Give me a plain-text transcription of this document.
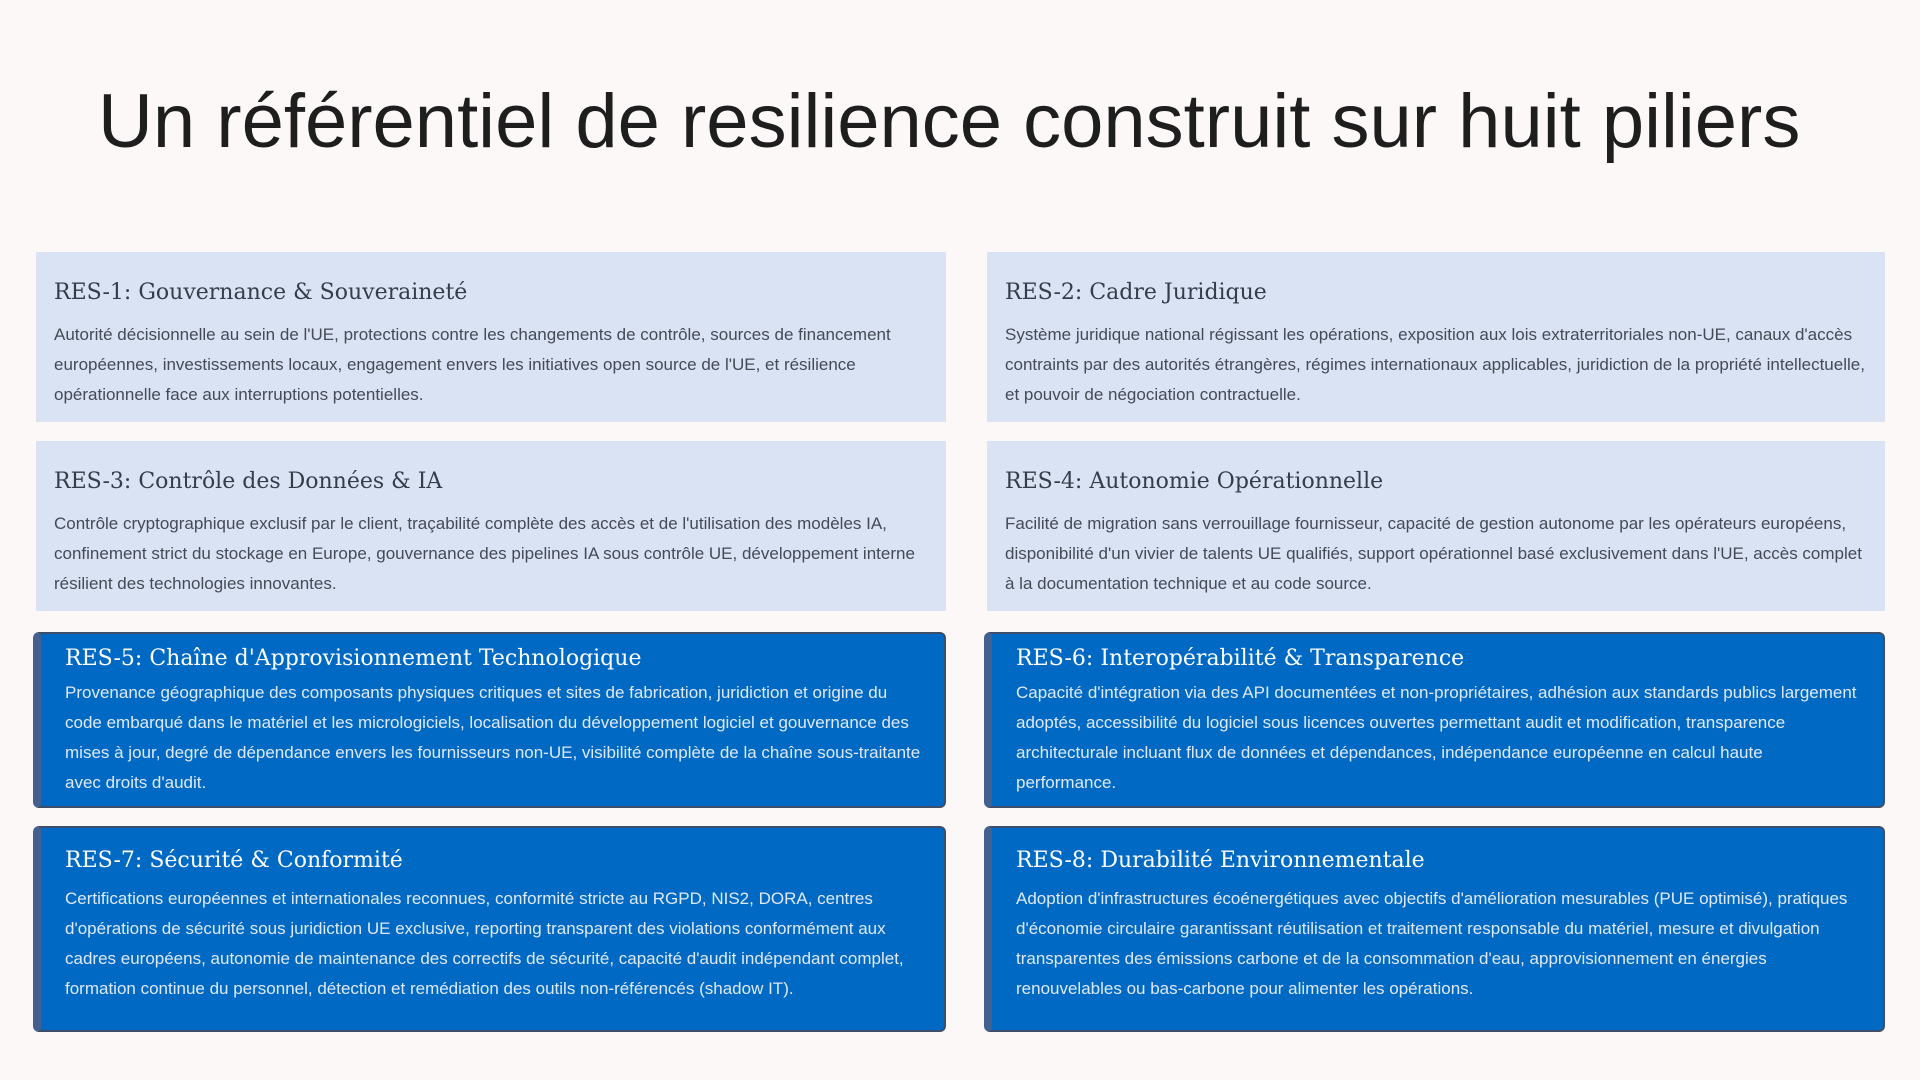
Un référentiel de resilience construit sur huit piliers
RES-1: Gouvernance & Souveraineté

Autorité décisionnelle au sein de l'UE, protections contre les changements de contrôle, sources de financement européennes, investissements locaux, engagement envers les initiatives open source de l'UE, et résilience opérationnelle face aux interruptions potentielles.

RES-2: Cadre Juridique

Système juridique national régissant les opérations, exposition aux lois extraterritoriales non-UE, canaux d'accès contraints par des autorités étrangères, régimes internationaux applicables, juridiction de la propriété intellectuelle, et pouvoir de négociation contractuelle.

RES-3: Contrôle des Données & IA

Contrôle cryptographique exclusif par le client, traçabilité complète des accès et de l'utilisation des modèles IA, confinement strict du stockage en Europe, gouvernance des pipelines IA sous contrôle UE, développement interne résilient des technologies innovantes.

RES-4: Autonomie Opérationnelle

Facilité de migration sans verrouillage fournisseur, capacité de gestion autonome par les opérateurs européens, disponibilité d'un vivier de talents UE qualifiés, support opérationnel basé exclusivement dans l'UE, accès complet à la documentation technique et au code source.

RES-5: Chaîne d'Approvisionnement Technologique

Provenance géographique des composants physiques critiques et sites de fabrication, juridiction et origine du code embarqué dans le matériel et les micrologiciels, localisation du développement logiciel et gouvernance des mises à jour, degré de dépendance envers les fournisseurs non-UE, visibilité complète de la chaîne sous-traitante avec droits d'audit.

RES-6: Interopérabilité & Transparence

Capacité d'intégration via des API documentées et non-propriétaires, adhésion aux standards publics largement adoptés, accessibilité du logiciel sous licences ouvertes permettant audit et modification, transparence architecturale incluant flux de données et dépendances, indépendance européenne en calcul haute performance.

RES-7: Sécurité & Conformité

Certifications européennes et internationales reconnues, conformité stricte au RGPD, NIS2, DORA, centres d'opérations de sécurité sous juridiction UE exclusive, reporting transparent des violations conformément aux cadres européens, autonomie de maintenance des correctifs de sécurité, capacité d'audit indépendant complet, formation continue du personnel, détection et remédiation des outils non-référencés (shadow IT).

RES-8: Durabilité Environnementale

Adoption d'infrastructures écoénergétiques avec objectifs d'amélioration mesurables (PUE optimisé), pratiques d'économie circulaire garantissant réutilisation et traitement responsable du matériel, mesure et divulgation transparentes des émissions carbone et de la consommation d'eau, approvisionnement en énergies renouvelables ou bas-carbone pour alimenter les opérations.
